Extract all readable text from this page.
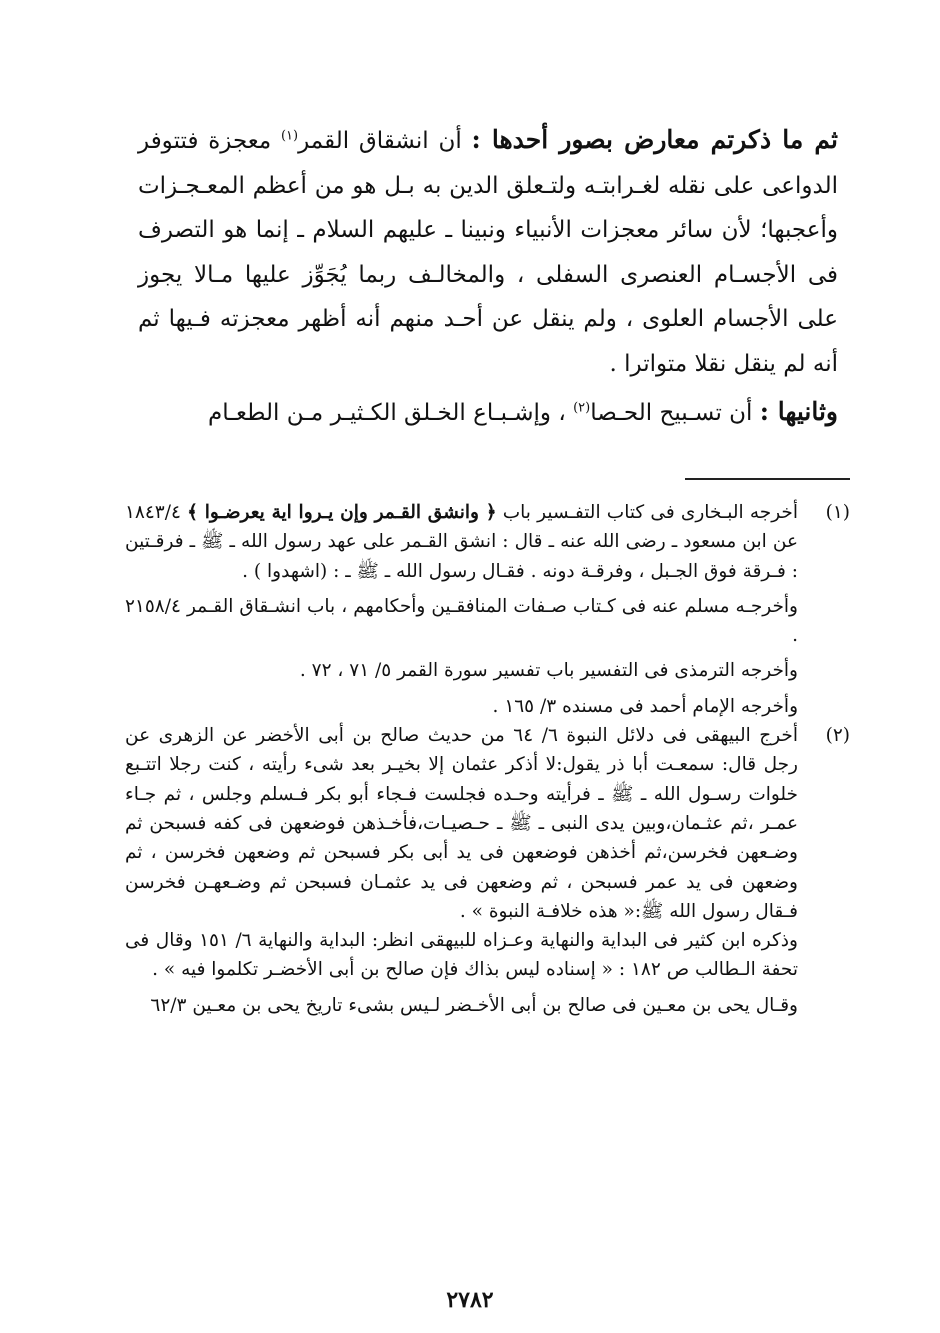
ثم ما ذكرتم معارض بصور أحدها : أن انشقاق القمر$^{(١)}$ معجزة فتتوفر الدواعى على نقله لغـرابتـه ولتـعلق الدين به بـل هو من أعظم المعـجـزات وأعجبها؛ لأن سائر معجزات الأنبياء ونبينا ـ عليهم السلام ـ إنما هو التصرف فى الأجسـام العنصرى السفلى ، والمخالـف ربما يُجَوِّز عليها مـالا يجوز على الأجسام العلوى ، ولم ينقل عن أحـد منهم أنه أظهر معجزته فـيها ثم أنه لم ينقل نقلا متواترا .

وثانيها : أن تسـبيح الحـصا$^{(٢)}$ ، وإشـبـاع الخـلق الكـثيـر مـن الطعـام

(١)

أخرجه البـخارى فى كتاب التفـسير باب ﴿ وانشق القـمر وإن يـروا اية يعرضـوا ﴾ ١٨٤٣/٤ عن ابن مسعود ـ رضى الله عنه ـ قال : انشق القـمر على عهد رسول الله ـ ﷺ ـ فرقـتين : فـرقة فوق الجـبل ، وفرقـة دونه . فقـال رسول الله ـ ﷺ ـ : (اشهدوا ) .

وأخرجـه مسلم عنه فى كـتاب صـفات المنافقـين وأحكامهم ، باب انشـقاق القـمر ٢١٥٨/٤ .

وأخرجه الترمذى فى التفسير باب تفسير سورة القمر ٥/ ٧١ ، ٧٢ .

وأخرجه الإمام أحمد فى مسنده ٣/ ١٦٥ .

(٢)

أخرج البيهقى فى دلائل النبوة ٦/ ٦٤ من حديث صالح بن أبى الأخضر عن الزهرى عن رجل قال: سمعـت أبا ذر يقول:لا أذكر عثمان إلا بخيـر بعد شىء رأيته ، كنت رجلا اتتـبع خلوات رسـول الله ـ ﷺ ـ فرأيته وحـده فجلست فـجاء أبو بكر فـسلم وجلس ، ثم جـاء عمـر ،ثم عثـمان،وبين يدى النبى ـ ﷺ ـ حـصيـات،فأخـذهن فوضعهن فى كفه فسبحن ثم وضـعهن فخرسن،ثم أخذهن فوضعهن فى يد أبى بكر فسبحن ثم وضعهن فخرسن ، ثم وضعهن فى يد عمر فسبحن ، ثم وضعهن فى يد عثمـان فسبحن ثم وضـعهـن فخرسن فـقال رسول الله ﷺ:« هذه خلافـة النبوة » .

وذكره ابن كثير فى البداية والنهاية وعـزاه للبيهقى انظر: البداية والنهاية ٦/ ١٥١ وقال فى تحفة الـطالب ص ١٨٢ : « إسناده ليس بذاك فإن صالح بن أبى الأخضـر تكلموا فيه » .

وقـال يحى بن معـين فى صالح بن أبى الأخـضر لـيس بشىء تاريخ يحى بن معـين ٦٢/٣

٢٧٨٢
